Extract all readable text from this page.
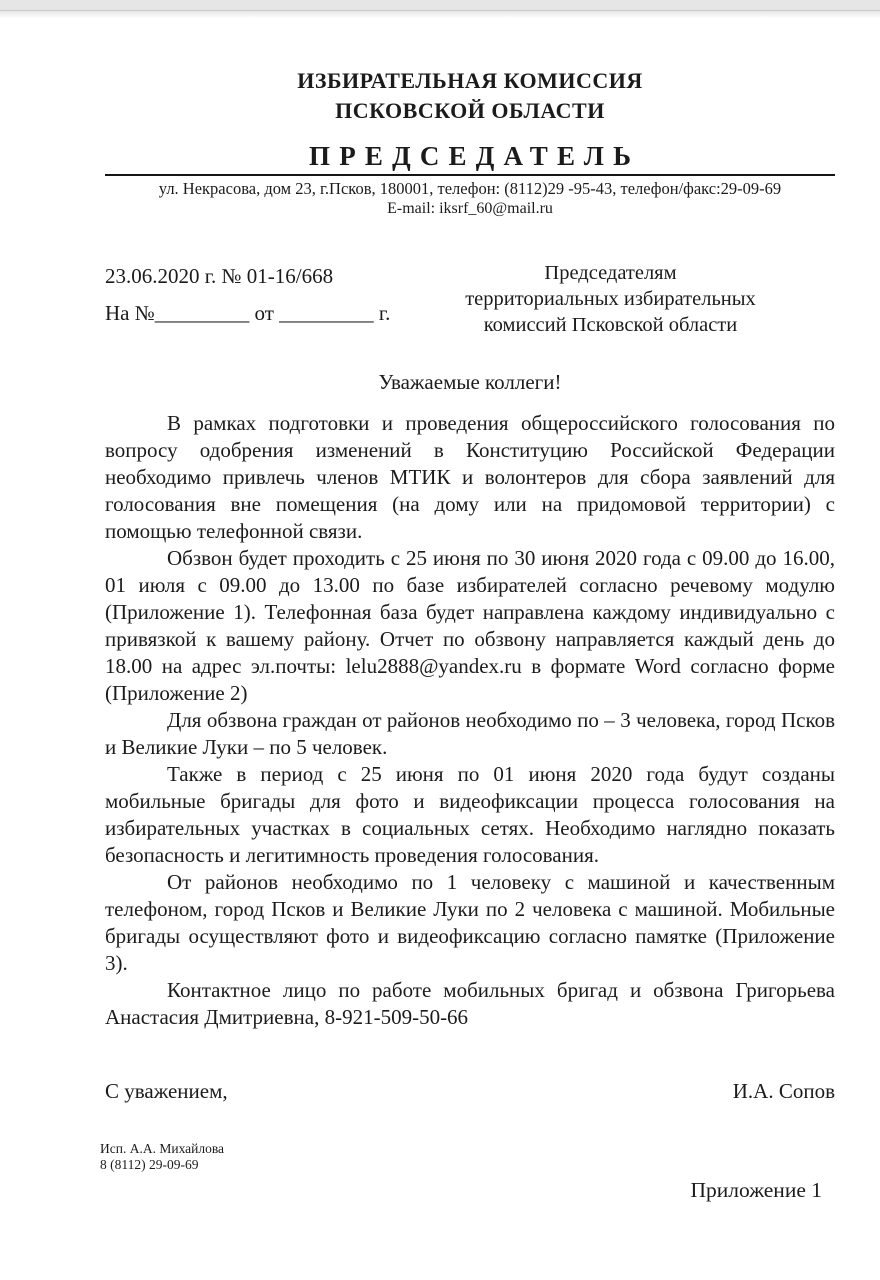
ИЗБИРАТЕЛЬНАЯ КОМИССИЯ
ПСКОВСКОЙ ОБЛАСТИ
ПРЕДСЕДАТЕЛЬ
ул. Некрасова, дом 23, г.Псков, 180001, телефон: (8112)29 -95-43, телефон/факс:29-09-69
E-mail: iksrf_60@mail.ru
23.06.2020 г. № 01-16/668
На №_________ от _________ г.
Председателям
территориальных избирательных
комиссий Псковской области
Уважаемые коллеги!

В рамках подготовки и проведения общероссийского голосования по вопросу одобрения изменений в Конституцию Российской Федерации необходимо привлечь членов МТИК и волонтеров для сбора заявлений для голосования вне помещения (на дому или на придомовой территории) с помощью телефонной связи.

Обзвон будет проходить с 25 июня по 30 июня 2020 года с 09.00 до 16.00, 01 июля с 09.00 до 13.00 по базе избирателей согласно речевому модулю (Приложение 1). Телефонная база будет направлена каждому индивидуально с привязкой к вашему району. Отчет по обзвону направляется каждый день до 18.00 на адрес эл.почты: lelu2888@yandex.ru в формате Word согласно форме (Приложение 2)

Для обзвона граждан от районов необходимо по – 3 человека, город Псков и Великие Луки – по 5 человек.

Также в период с 25 июня по 01 июня 2020 года будут созданы мобильные бригады для фото и видеофиксации процесса голосования на избирательных участках в социальных сетях. Необходимо наглядно показать безопасность и легитимность проведения голосования.

От районов необходимо по 1 человеку с машиной и качественным телефоном, город Псков и Великие Луки по 2 человека с машиной. Мобильные бригады осуществляют фото и видеофиксацию согласно памятке (Приложение 3).

Контактное лицо по работе мобильных бригад и обзвона Григорьева Анастасия Дмитриевна, 8-921-509-50-66

С уважением,	И.А. Сопов
Исп. А.А. Михайлова
8 (8112) 29-09-69
Приложение 1
